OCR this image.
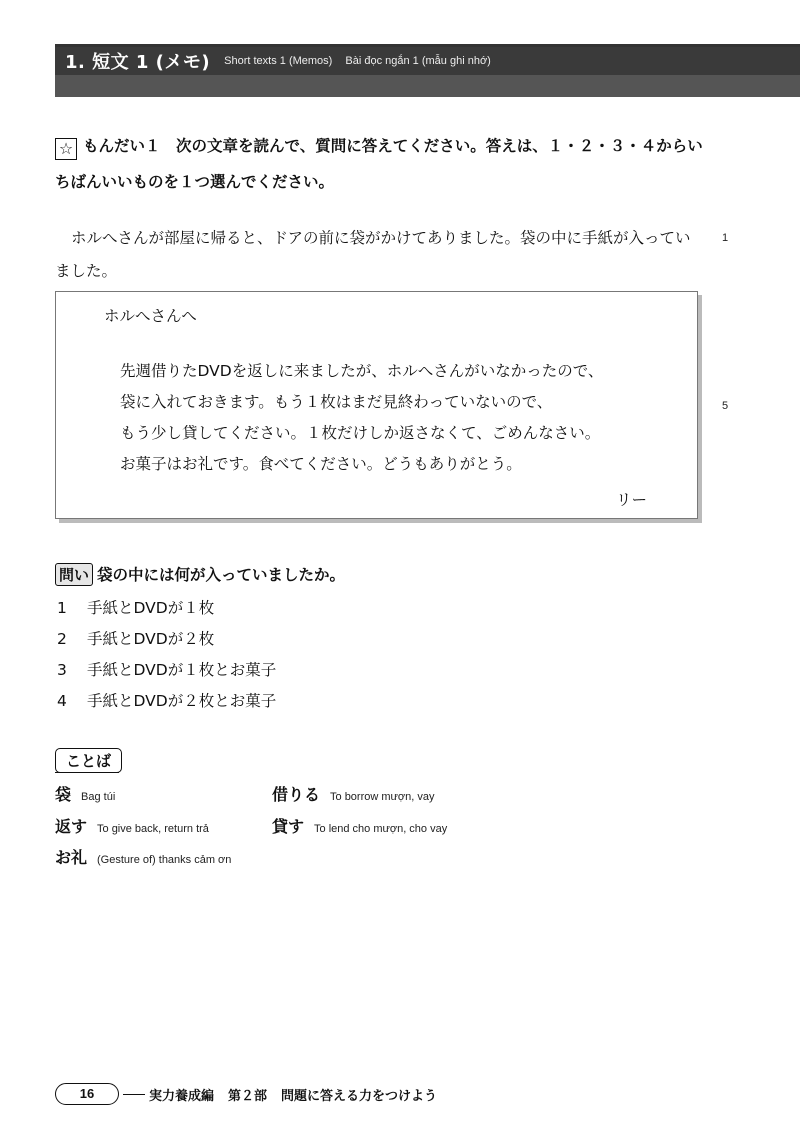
1. 短文 1 (メモ) Short texts 1 (Memos) Bài đọc ngắn 1 (mẫu ghi nhớ)
☆ もんだい１　次の文章を読んで、質問に答えてください。答えは、１・２・３・４からい
ちばんいいものを１つ選んでください。
ホルへさんが部屋に帰ると、ドアの前に袋がかけてありました。袋の中に手紙が入っていました。
1
5
ホルへさんへ
先週借りたDVDを返しに来ましたが、ホルへさんがいなかったので、
袋に入れておきます。もう１枚はまだ見終わっていないので、
もう少し貸してください。１枚だけしか返さなくて、ごめんなさい。
お菓子はお礼です。食べてください。どうもありがとう。
リー
問い 袋の中には何が入っていましたか。
1 手紙とDVDが１枚
2 手紙とDVDが２枚
3 手紙とDVDが１枚とお菓子
4 手紙とDVDが２枚とお菓子
ことば
袋 Bag túi	借りる To borrow mượn, vay
返す To give back, return trả	貸す To lend cho mượn, cho vay
お礼 (Gesture of) thanks cảm ơn
16	実力養成編 第２部 問題に答える力をつけよう
